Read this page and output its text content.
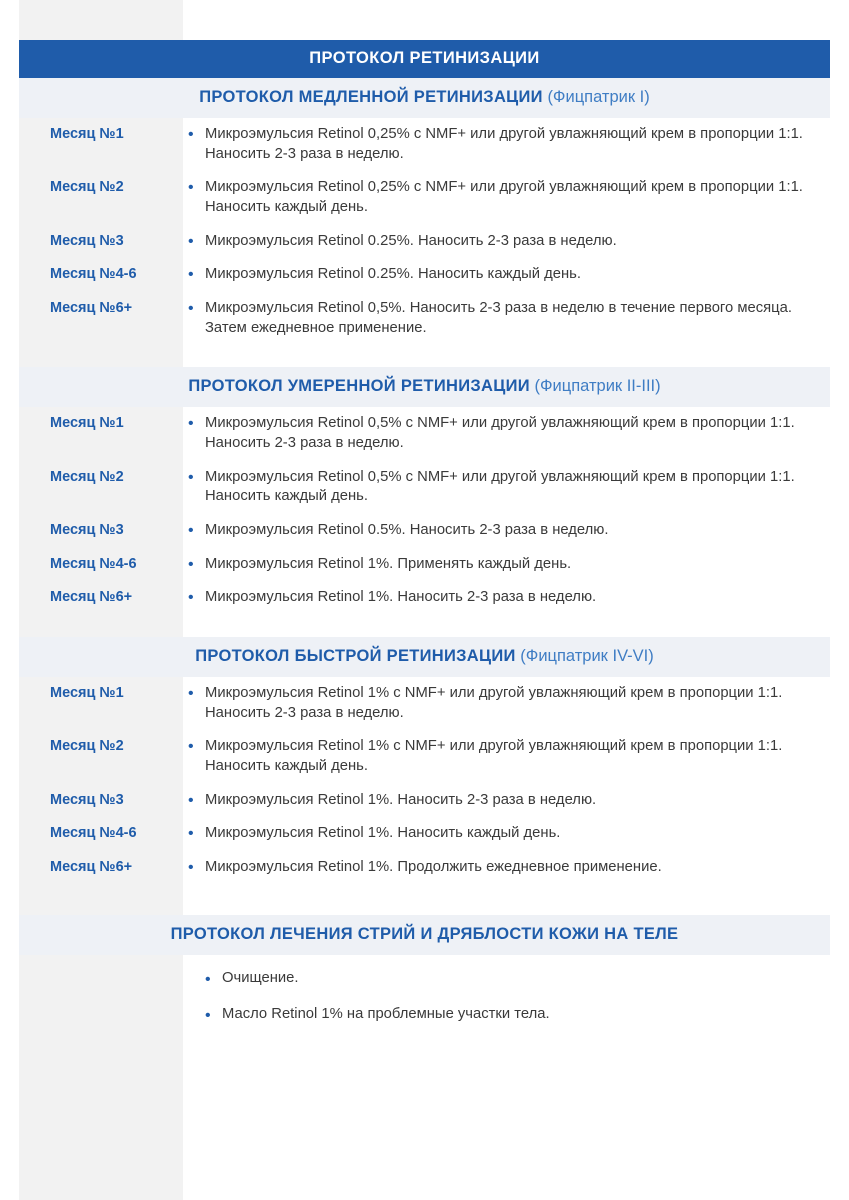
ПРОТОКОЛ РЕТИНИЗАЦИИ
ПРОТОКОЛ МЕДЛЕННОЙ РЕТИНИЗАЦИИ (Фицпатрик I)
Месяц №1	• Микроэмульсия Retinol 0,25% с NMF+ или другой увлажняющий крем в пропорции 1:1. Наносить 2-3 раза в неделю.
Месяц №2	• Микроэмульсия Retinol 0,25% с NMF+ или другой увлажняющий крем в пропорции 1:1. Наносить каждый день.
Месяц №3	• Микроэмульсия Retinol 0.25%. Наносить 2-3 раза в неделю.
Месяц №4-6	• Микроэмульсия Retinol 0.25%. Наносить каждый день.
Месяц №6+	• Микроэмульсия Retinol 0,5%. Наносить 2-3 раза в неделю в течение первого месяца. Затем ежедневное применение.
ПРОТОКОЛ УМЕРЕННОЙ РЕТИНИЗАЦИИ (Фицпатрик II-III)
Месяц №1	• Микроэмульсия Retinol 0,5% с NMF+ или другой увлажняющий крем в пропорции 1:1. Наносить 2-3 раза в неделю.
Месяц №2	• Микроэмульсия Retinol 0,5% с NMF+ или другой увлажняющий крем в пропорции 1:1. Наносить каждый день.
Месяц №3	• Микроэмульсия Retinol 0.5%. Наносить 2-3 раза в неделю.
Месяц №4-6	• Микроэмульсия Retinol 1%. Применять каждый день.
Месяц №6+	• Микроэмульсия Retinol 1%. Наносить 2-3 раза в неделю.
ПРОТОКОЛ БЫСТРОЙ РЕТИНИЗАЦИИ (Фицпатрик IV-VI)
Месяц №1	• Микроэмульсия Retinol 1% с NMF+ или другой увлажняющий крем в пропорции 1:1. Наносить 2-3 раза в неделю.
Месяц №2	• Микроэмульсия Retinol 1% с NMF+ или другой увлажняющий крем в пропорции 1:1. Наносить каждый день.
Месяц №3	• Микроэмульсия Retinol 1%. Наносить 2-3 раза в неделю.
Месяц №4-6	• Микроэмульсия Retinol 1%. Наносить каждый день.
Месяц №6+	• Микроэмульсия Retinol 1%. Продолжить ежедневное применение.
ПРОТОКОЛ ЛЕЧЕНИЯ СТРИЙ И ДРЯБЛОСТИ КОЖИ НА ТЕЛЕ
• Очищение.
• Масло Retinol 1% на проблемные участки тела.
